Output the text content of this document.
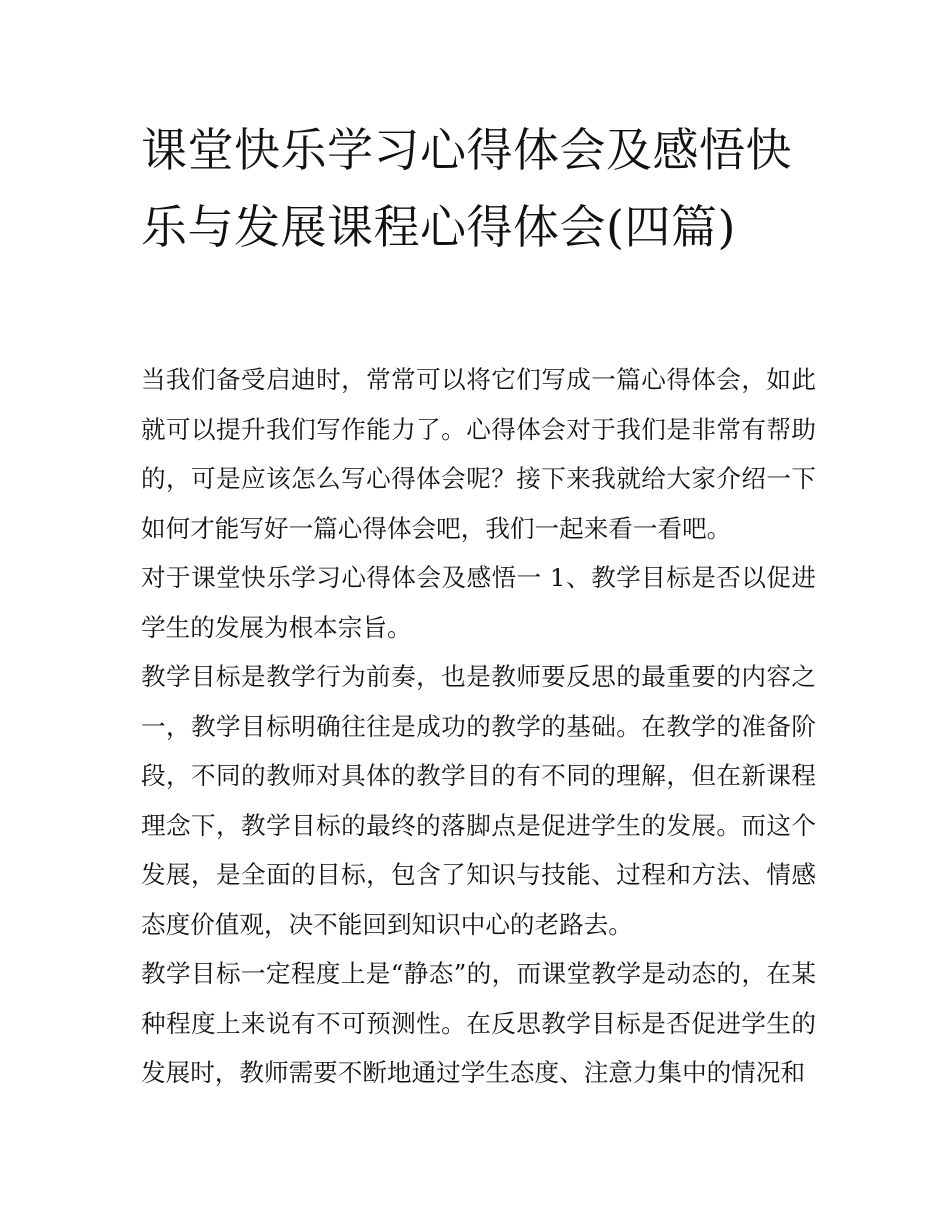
课堂快乐学习心得体会及感悟快乐与发展课程心得体会(四篇)

当我们备受启迪时，常常可以将它们写成一篇心得体会，如此就可以提升我们写作能力了。心得体会对于我们是非常有帮助的，可是应该怎么写心得体会呢？接下来我就给大家介绍一下如何才能写好一篇心得体会吧，我们一起来看一看吧。

对于课堂快乐学习心得体会及感悟一 1、教学目标是否以促进学生的发展为根本宗旨。

教学目标是教学行为前奏，也是教师要反思的最重要的内容之一，教学目标明确往往是成功的教学的基础。在教学的准备阶段，不同的教师对具体的教学目的有不同的理解，但在新课程理念下，教学目标的最终的落脚点是促进学生的发展。而这个发展，是全面的目标，包含了知识与技能、过程和方法、情感态度价值观，决不能回到知识中心的老路去。

教学目标一定程度上是“静态”的，而课堂教学是动态的，在某种程度上来说有不可预测性。在反思教学目标是否促进学生的发展时，教师需要不断地通过学生态度、注意力集中的情况和
